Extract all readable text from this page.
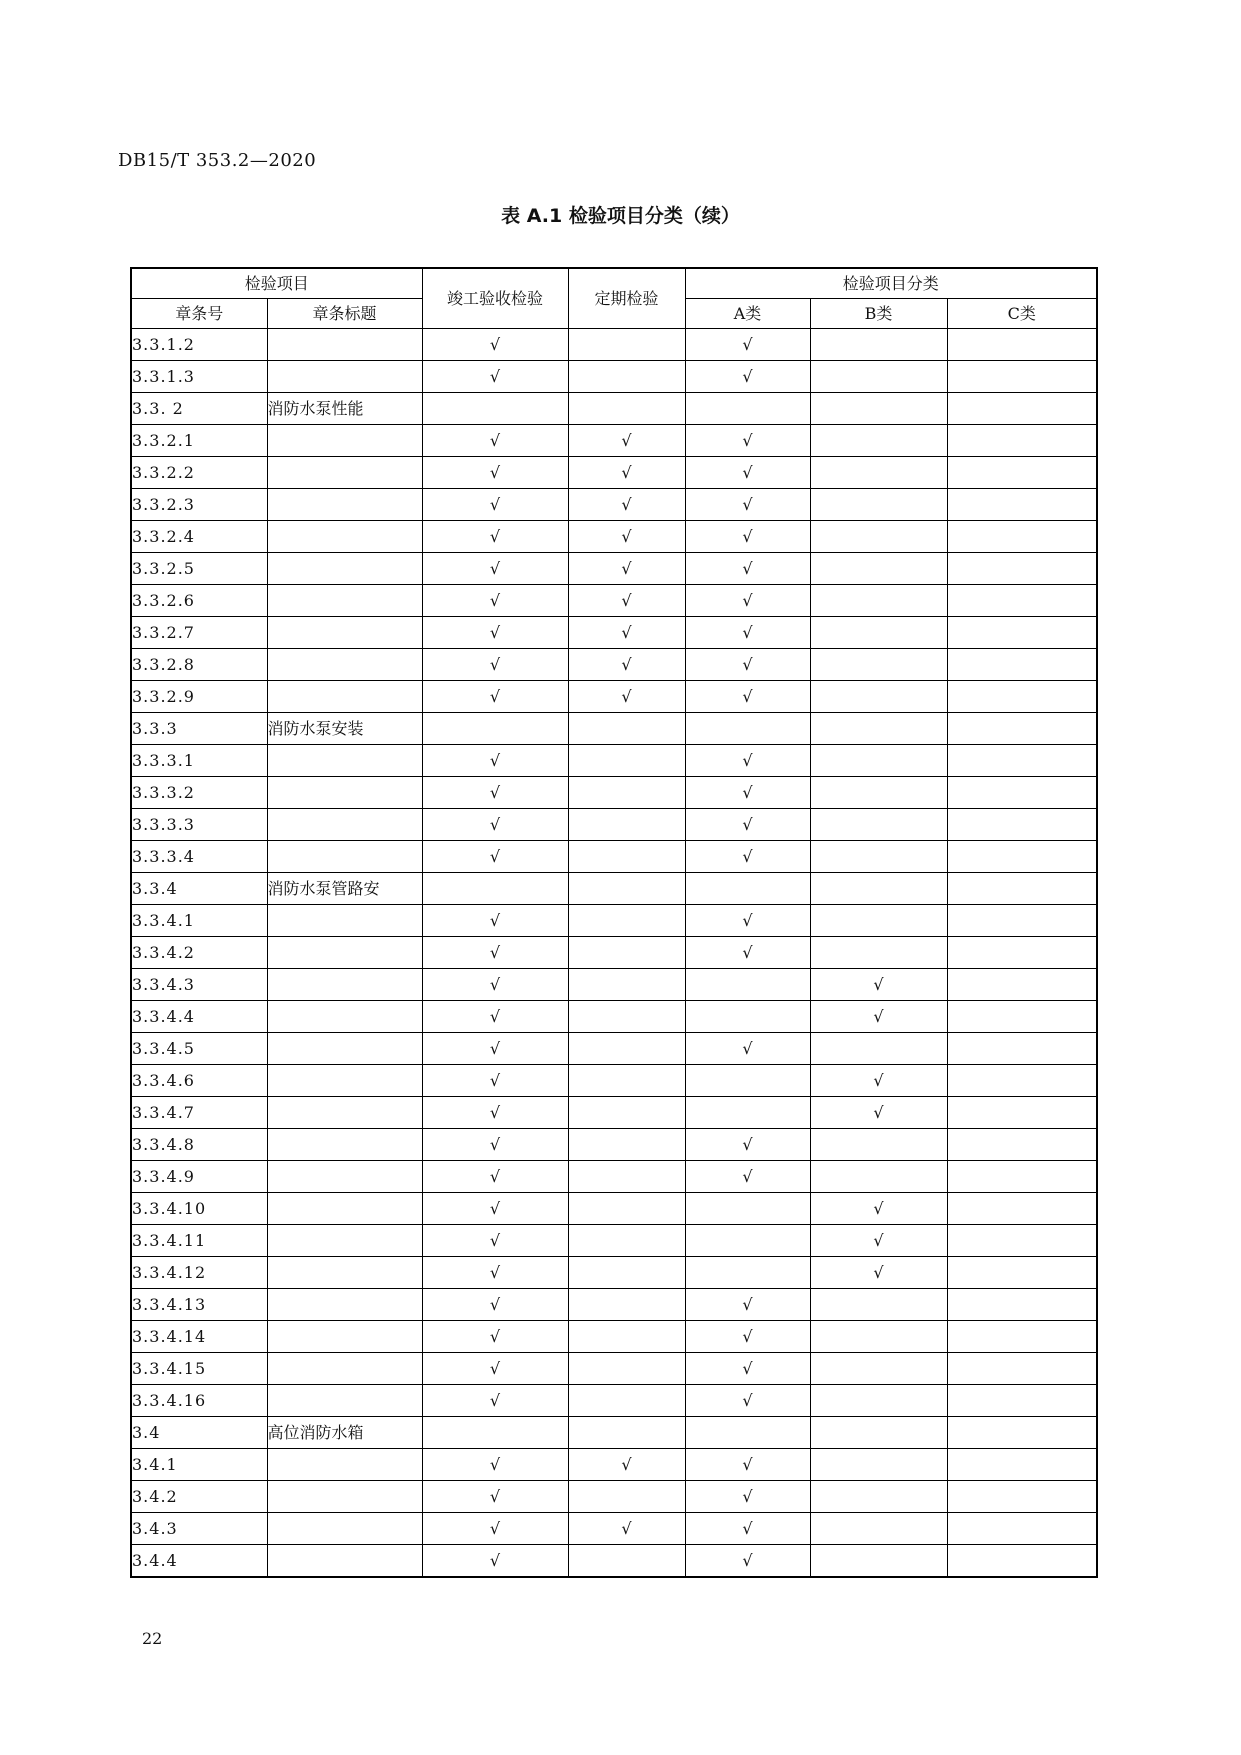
DB15/T 353.2—2020
表 A.1 检验项目分类（续）
检验项目		竣工验收检验	定期检验	检验项目分类		
章条号	章条标题			A类	B类	C类
3.3.1.2		√		√		
3.3.1.3		√		√		
3.3. 2	消防水泵性能					
3.3.2.1		√	√	√		
3.3.2.2		√	√	√		
3.3.2.3		√	√	√		
3.3.2.4		√	√	√		
3.3.2.5		√	√	√		
3.3.2.6		√	√	√		
3.3.2.7		√	√	√		
3.3.2.8		√	√	√		
3.3.2.9		√	√	√		
3.3.3	消防水泵安装					
3.3.3.1		√		√		
3.3.3.2		√		√		
3.3.3.3		√		√		
3.3.3.4		√		√		
3.3.4	消防水泵管路安					
3.3.4.1		√		√		
3.3.4.2		√		√		
3.3.4.3		√			√	
3.3.4.4		√			√	
3.3.4.5		√		√		
3.3.4.6		√			√	
3.3.4.7		√			√	
3.3.4.8		√		√		
3.3.4.9		√		√		
3.3.4.10		√			√	
3.3.4.11		√			√	
3.3.4.12		√			√	
3.3.4.13		√		√		
3.3.4.14		√		√		
3.3.4.15		√		√		
3.3.4.16		√		√		
3.4	高位消防水箱					
3.4.1		√	√	√		
3.4.2		√		√		
3.4.3		√	√	√		
3.4.4		√		√		
22
